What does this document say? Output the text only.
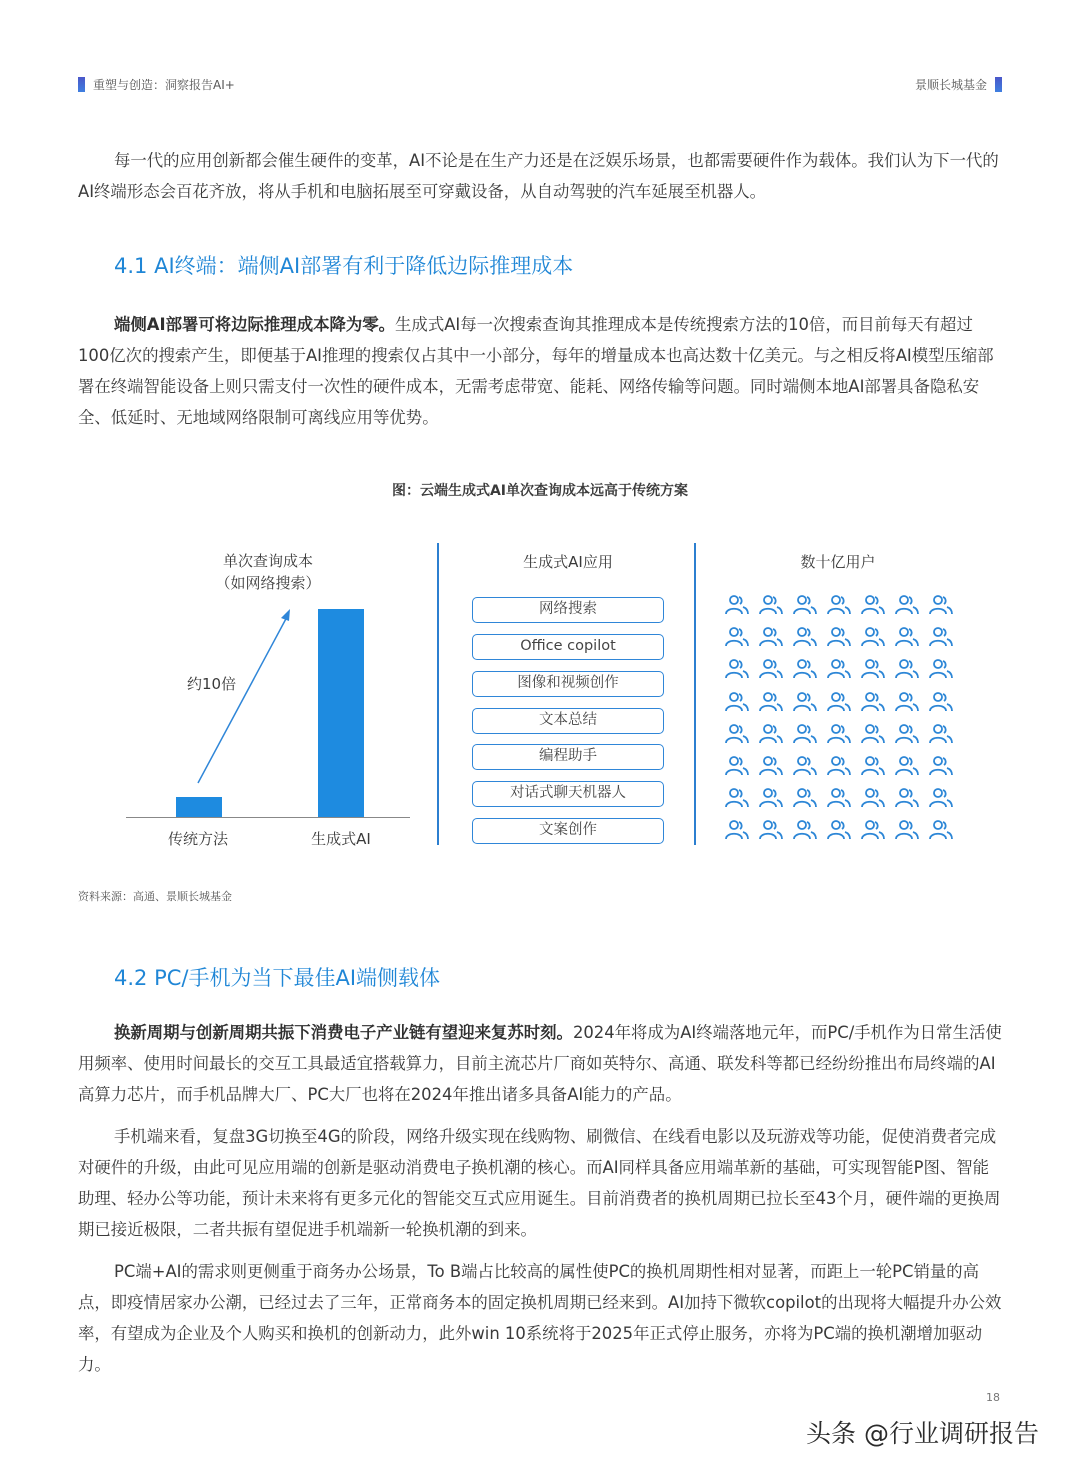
重塑与创造：洞察报告AI+	景顺长城基金

每一代的应用创新都会催生硬件的变革，AI不论是在生产力还是在泛娱乐场景，也都需要硬件作为载体。我们认为下一代的AI终端形态会百花齐放，将从手机和电脑拓展至可穿戴设备，从自动驾驶的汽车延展至机器人。

4.1 AI终端：端侧AI部署有利于降低边际推理成本

端侧AI部署可将边际推理成本降为零。生成式AI每一次搜索查询其推理成本是传统搜索方法的10倍，而目前每天有超过100亿次的搜索产生，即便基于AI推理的搜索仅占其中一小部分，每年的增量成本也高达数十亿美元。与之相反将AI模型压缩部署在终端智能设备上则只需支付一次性的硬件成本，无需考虑带宽、能耗、网络传输等问题。同时端侧本地AI部署具备隐私安全、低延时、无地域网络限制可离线应用等优势。

图：云端生成式AI单次查询成本远高于传统方案
单次查询成本
（如网络搜索）
约10倍
传统方法	生成式AI
生成式AI应用
网络搜索
Office copilot
图像和视频创作
文本总结
编程助手
对话式聊天机器人
文案创作
数十亿用户
资料来源：高通、景顺长城基金
4.2 PC/手机为当下最佳AI端侧载体

换新周期与创新周期共振下消费电子产业链有望迎来复苏时刻。2024年将成为AI终端落地元年，而PC/手机作为日常生活使用频率、使用时间最长的交互工具最适宜搭载算力，目前主流芯片厂商如英特尔、高通、联发科等都已经纷纷推出布局终端的AI高算力芯片，而手机品牌大厂、PC大厂也将在2024年推出诸多具备AI能力的产品。

手机端来看，复盘3G切换至4G的阶段，网络升级实现在线购物、刷微信、在线看电影以及玩游戏等功能，促使消费者完成对硬件的升级，由此可见应用端的创新是驱动消费电子换机潮的核心。而AI同样具备应用端革新的基础，可实现智能P图、智能助理、轻办公等功能，预计未来将有更多元化的智能交互式应用诞生。目前消费者的换机周期已拉长至43个月，硬件端的更换周期已接近极限，二者共振有望促进手机端新一轮换机潮的到来。

PC端+AI的需求则更侧重于商务办公场景，To B端占比较高的属性使PC的换机周期性相对显著，而距上一轮PC销量的高点，即疫情居家办公潮，已经过去了三年，正常商务本的固定换机周期已经来到。AI加持下微软copilot的出现将大幅提升办公效率，有望成为企业及个人购买和换机的创新动力，此外win 10系统将于2025年正式停止服务，亦将为PC端的换机潮增加驱动力。

18
头条 @行业调研报告
